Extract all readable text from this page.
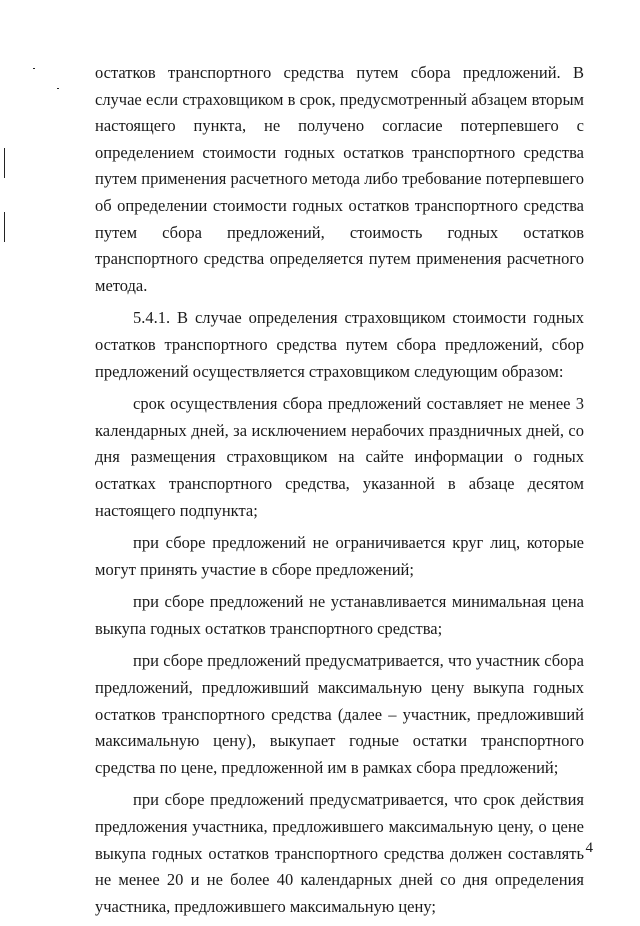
остатков транспортного средства путем сбора предложений. В случае если страховщиком в срок, предусмотренный абзацем вторым настоящего пункта, не получено согласие потерпевшего с определением стоимости годных остатков транспортного средства путем применения расчетного метода либо требование потерпевшего об определении стоимости годных остатков транспортного средства путем сбора предложений, стоимость годных остатков транспортного средства определяется путем применения расчетного метода.

5.4.1. В случае определения страховщиком стоимости годных остатков транспортного средства путем сбора предложений, сбор предложений осуществляется страховщиком следующим образом:

срок осуществления сбора предложений составляет не менее 3 календарных дней, за исключением нерабочих праздничных дней, со дня размещения страховщиком на сайте информации о годных остатках транспортного средства, указанной в абзаце десятом настоящего подпункта;

при сборе предложений не ограничивается круг лиц, которые могут принять участие в сборе предложений;

при сборе предложений не устанавливается минимальная цена выкупа годных остатков транспортного средства;

при сборе предложений предусматривается, что участник сбора предложений, предложивший максимальную цену выкупа годных остатков транспортного средства (далее – участник, предложивший максимальную цену), выкупает годные остатки транспортного средства по цене, предложенной им в рамках сбора предложений;

при сборе предложений предусматривается, что срок действия предложения участника, предложившего максимальную цену, о цене выкупа годных остатков транспортного средства должен составлять не менее 20 и не более 40 календарных дней со дня определения участника, предложившего максимальную цену;

4
